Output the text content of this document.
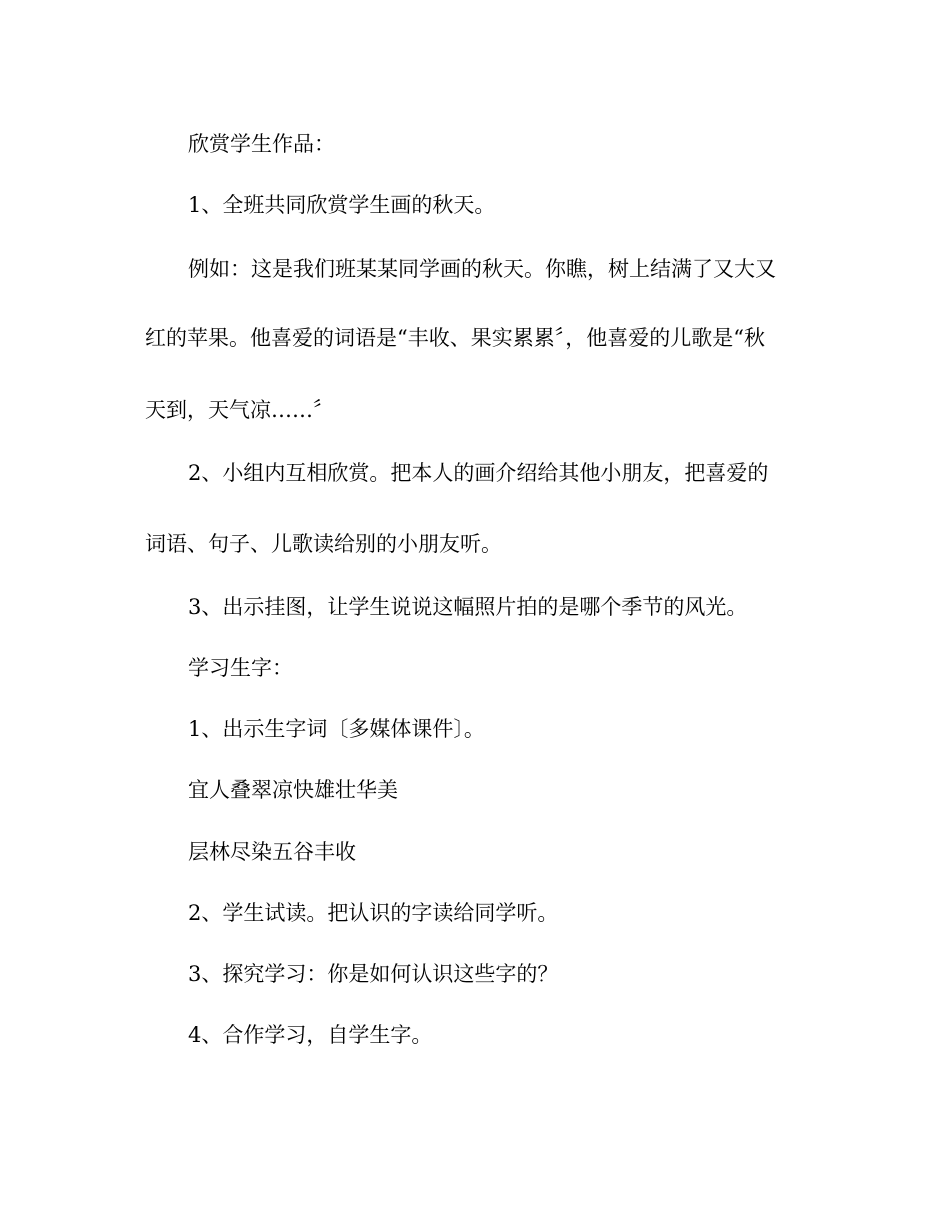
欣赏学生作品：
1、全班共同欣赏学生画的秋天。
例如：这是我们班某某同学画的秋天。你瞧，树上结满了又大又
红的苹果。他喜爱的词语是“丰收、果实累累〞，他喜爱的儿歌是“秋
天到，天气凉……〞
2、小组内互相欣赏。把本人的画介绍给其他小朋友，把喜爱的
词语、句子、儿歌读给别的小朋友听。
3、出示挂图，让学生说说这幅照片拍的是哪个季节的风光。
学习生字：
1、出示生字词〔多媒体课件〕。
宜人叠翠凉快雄壮华美
层林尽染五谷丰收
2、学生试读。把认识的字读给同学听。
3、探究学习：你是如何认识这些字的？
4、合作学习，自学生字。
